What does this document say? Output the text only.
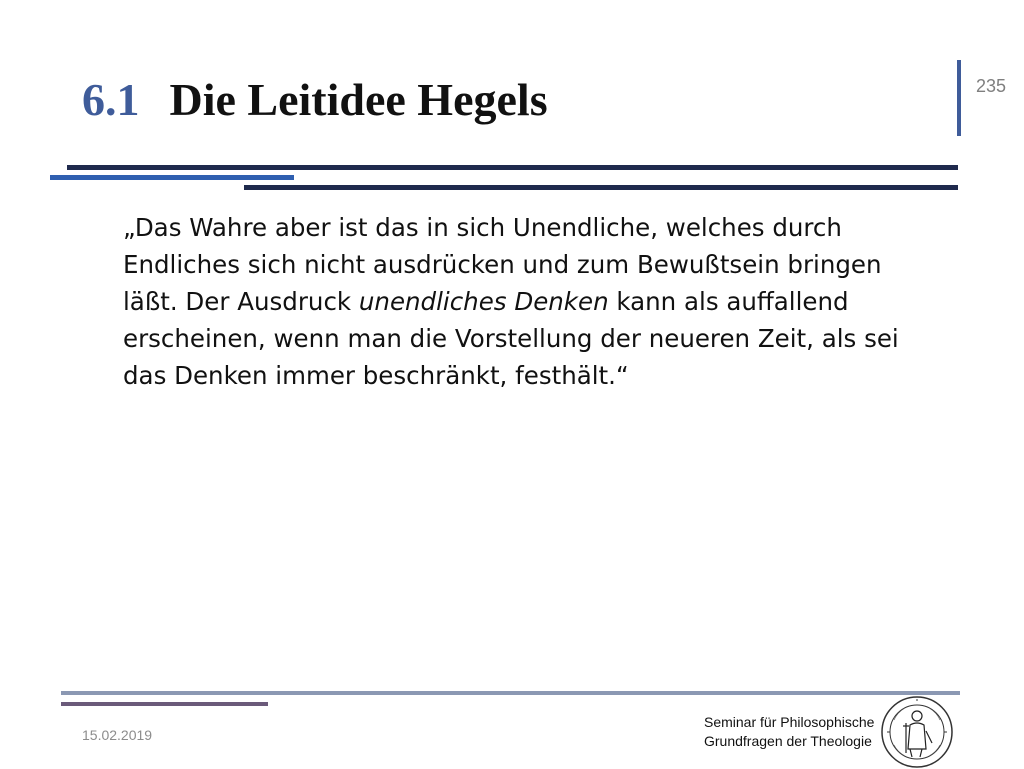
6.1 Die Leitidee Hegels	235
„Das Wahre aber ist das in sich Unendliche, welches durch Endliches sich nicht ausdrücken und zum Bewußtsein bringen läßt. Der Ausdruck unendliches Denken kann als auffallend erscheinen, wenn man die Vorstellung der neueren Zeit, als sei das Denken immer beschränkt, festhält.“
15.02.2019
Seminar für Philosophische
Grundfragen der Theologie
